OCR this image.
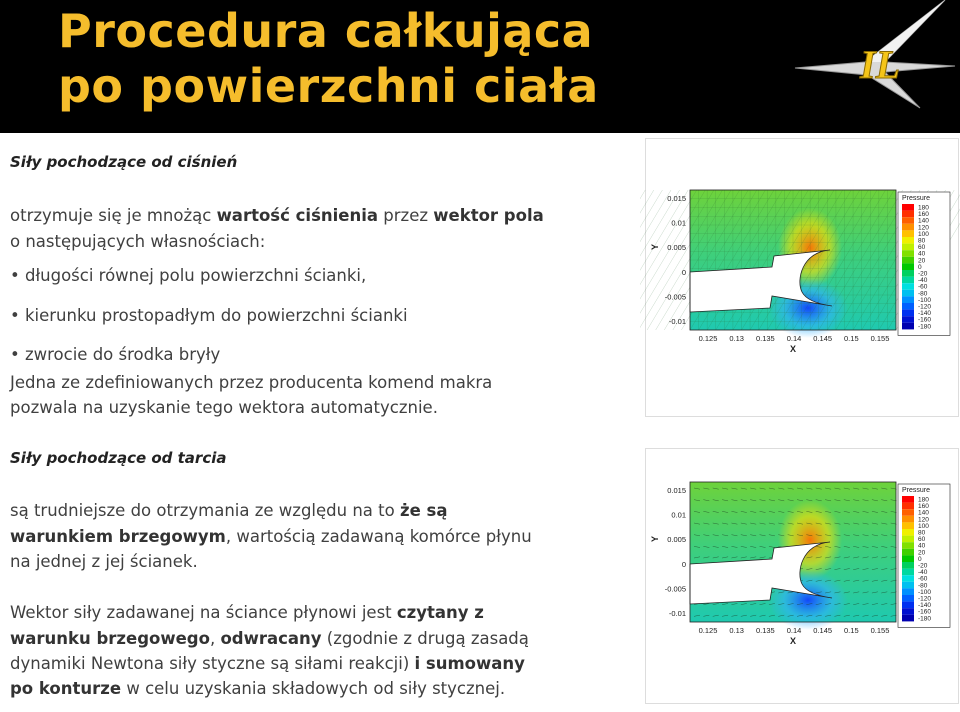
Procedura całkująca
po powierzchni ciała	IL
Siły pochodzące od ciśnień
otrzymuje się je mnożąc wartość ciśnienia przez wektor pola
o następujących własnościach:
• długości równej polu powierzchni ścianki,
• kierunku prostopadłym do powierzchni ścianki
• zwrocie do środka bryły
Jedna ze zdefiniowanych przez producenta komend makra
pozwala na uzyskanie tego wektora automatycznie.
Siły pochodzące od tarcia
są trudniejsze do otrzymania ze względu na to że są
warunkiem brzegowym, wartością zadawaną komórce płynu
na jednej z jej ścianek.
Wektor siły zadawanej na ściance płynowi jest czytany z
warunku brzegowego, odwracany (zgodnie z drugą zasadą
dynamiki Newtona siły styczne są siłami reakcji) i sumowany
po konturze w celu uzyskania składowych od siły stycznej.
0.015
0.01
0.005
0
-0.005
-0.01
Y
0.125 0.13 0.135 0.14 0.145 0.15 0.155
X
Pressure
180
160
140
120
100
80
60
40
20
0
-20
-40
-60
-80
-100
-120
-140
-160
-180
0.015
0.01
0.005
0
-0.005
-0.01
Y
0.125 0.13 0.135 0.14 0.145 0.15 0.155
X
Pressure
180
160
140
120
100
80
60
40
20
0
-20
-40
-60
-80
-100
-120
-140
-160
-180
